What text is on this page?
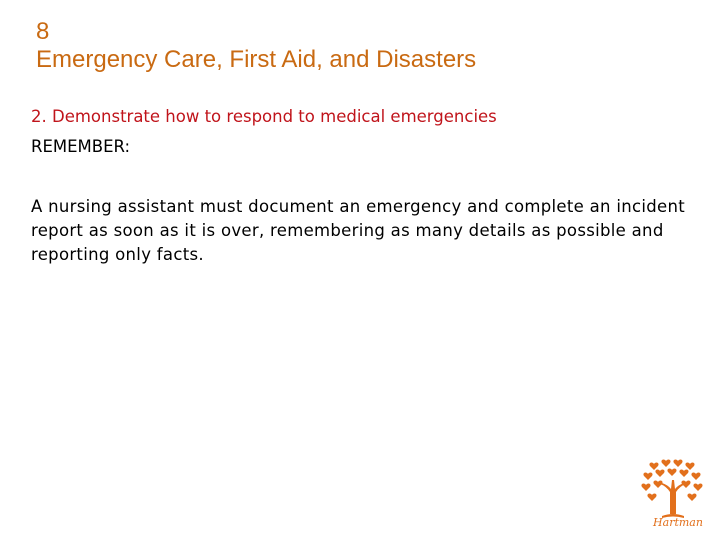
8
Emergency Care, First Aid, and Disasters
2. Demonstrate how to respond to medical emergencies
REMEMBER:
A nursing assistant must document an emergency and complete an incident report as soon as it is over, remembering as many details as possible and reporting only facts.
Hartman
